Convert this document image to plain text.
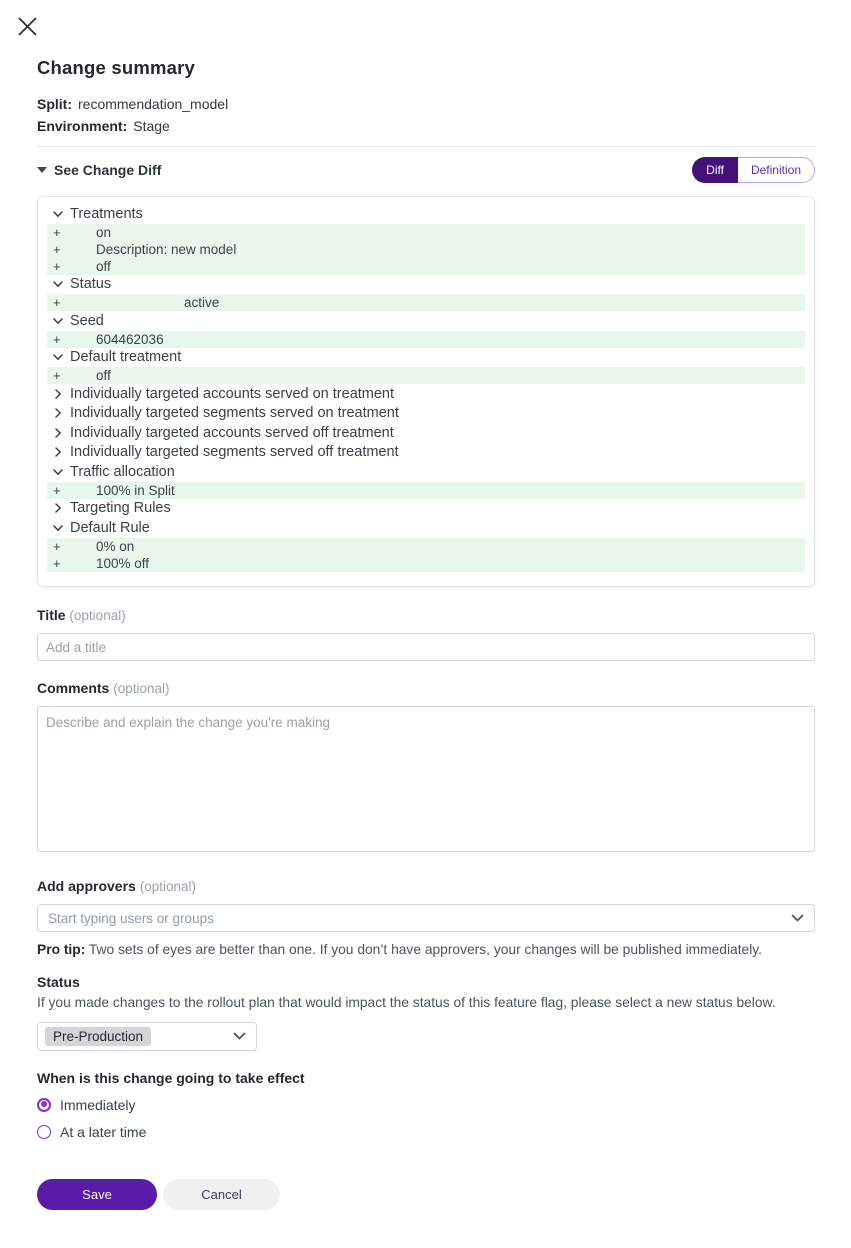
Change summary
Split: recommendation_model
Environment: Stage
See Change Diff	Diff	Definition
Treatments
+	on
+	Description: new model
+	off
Status
+	active
Seed
+	604462036
Default treatment
+	off
Individually targeted accounts served on treatment
Individually targeted segments served on treatment
Individually targeted accounts served off treatment
Individually targeted segments served off treatment
Traffic allocation
+	100% in Split
Targeting Rules
Default Rule
+	0% on
+	100% off
Title (optional)
Add a title
Comments (optional)
Describe and explain the change you're making
Add approvers (optional)
Start typing users or groups
Pro tip: Two sets of eyes are better than one. If you don’t have approvers, your changes will be published immediately.
Status
If you made changes to the rollout plan that would impact the status of this feature flag, please select a new status below.
Pre-Production
When is this change going to take effect
Immediately
At a later time
Save	Cancel
